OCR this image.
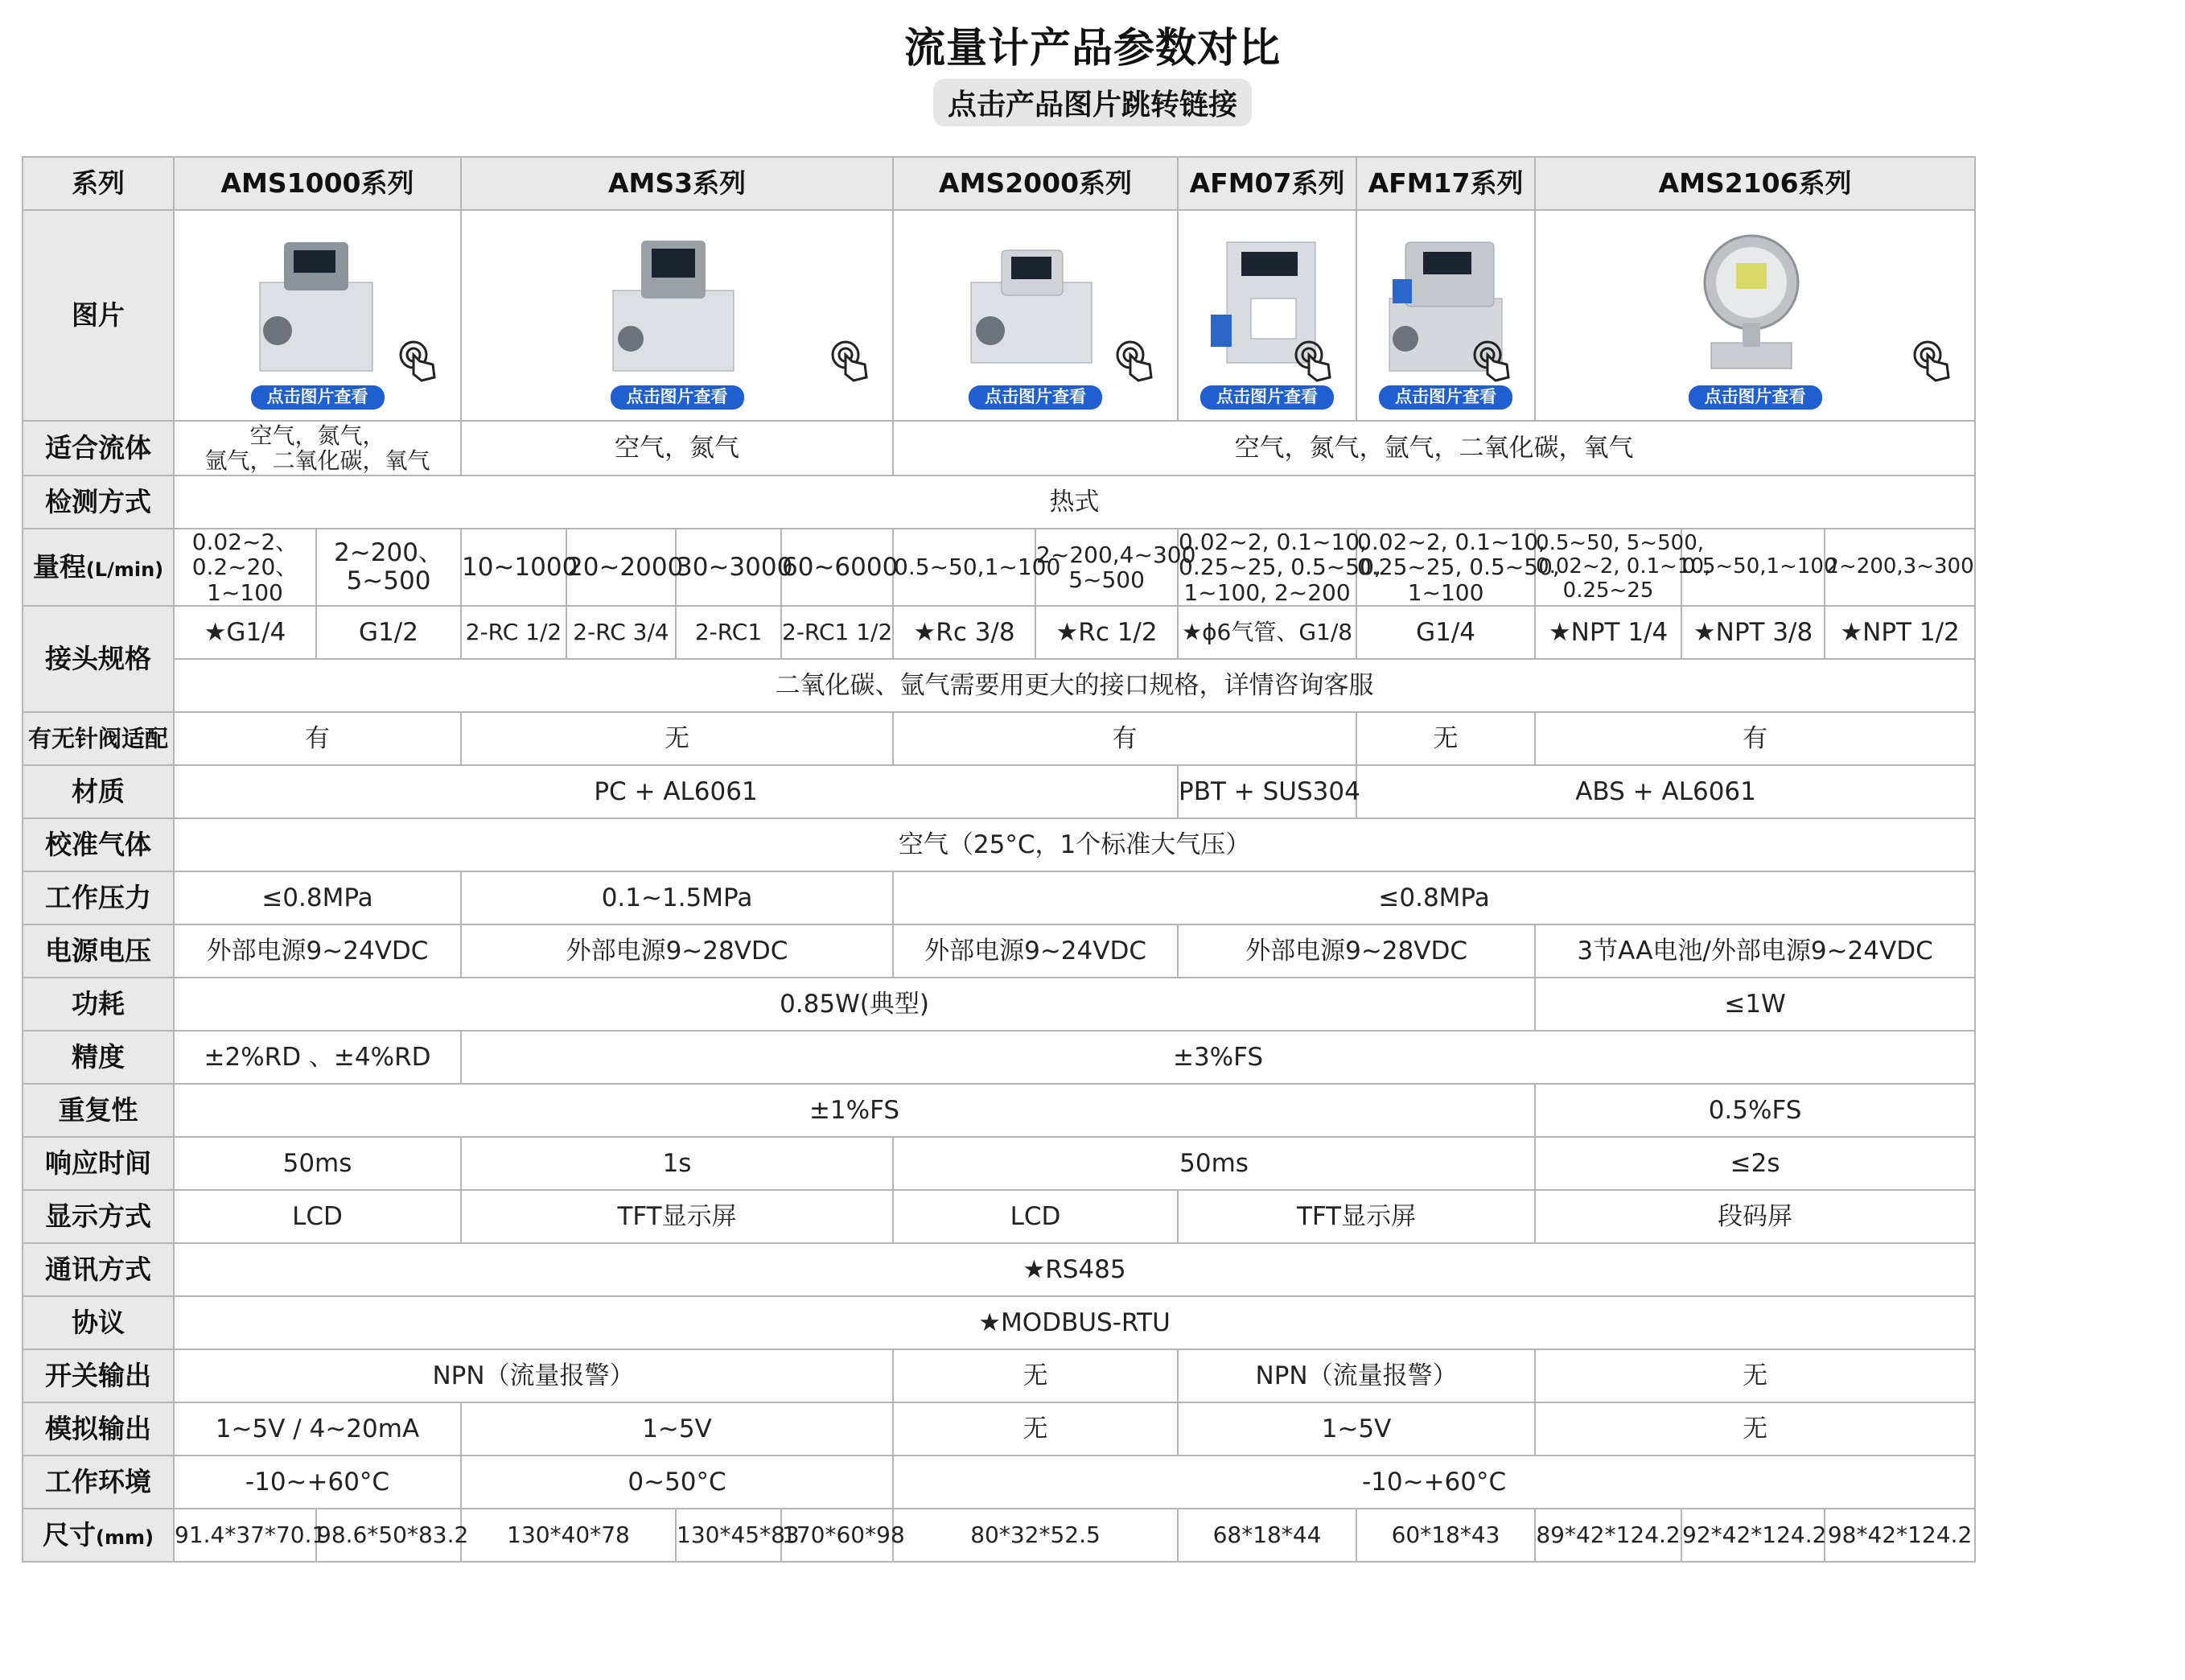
流量计产品参数对比
点击产品图片跳转链接
系列	AMS1000系列		AMS3系列				AMS2000系列		AFM07系列	AFM17系列	AMS2106系列		
图片	点击图片查看		点击图片查看				点击图片查看		点击图片查看	点击图片查看	点击图片查看		

适合流体	空气，氮气，
氩气，二氧化碳，氧气		空气，氮气				空气，氮气，氩气，二氧化碳，氧气						
检测方式	热式												
量程(L/min)	0.02~2、
0.2~20、
1~100	2~200、
5~500	10~1000	20~2000	30~3000	60~6000	0.5~50,1~100	2~200,4~300
5~500	0.02~2, 0.1~10,
0.25~25, 0.5~50,
1~100, 2~200	0.02~2, 0.1~10,
0.25~25, 0.5~50,
1~100	0.5~50, 5~500,
0.02~2, 0.1~10,
0.25~25	0.5~50,1~100	2~200,3~300
接头规格	★G1/4	G1/2	2-RC 1/2	2-RC 3/4	2-RC1	2-RC1 1/2	★Rc 3/8	★Rc 1/2	★ɸ6气管、G1/8	G1/4	★NPT 1/4	★NPT 3/8	★NPT 1/2
	二氧化碳、氩气需要用更大的接口规格，详情咨询客服												
有无针阀适配	有		无				有			无	有		
材质	PC + AL6061								PBT + SUS304	ABS + AL6061			
校准气体	空气（25°C，1个标准大气压）												
工作压力	≤0.8MPa		0.1~1.5MPa				≤0.8MPa						
电源电压	外部电源9~24VDC		外部电源9~28VDC				外部电源9~24VDC		外部电源9~28VDC		3节AA电池/外部电源9~24VDC		
功耗	0.85W(典型)										≤1W		
精度	±2%RD 、±4%RD		±3%FS										
重复性	±1%FS										0.5%FS		
响应时间	50ms		1s				50ms				≤2s		
显示方式	LCD		TFT显示屏				LCD		TFT显示屏		段码屏		
通讯方式	★RS485												
协议	★MODBUS-RTU												
开关输出	NPN（流量报警）						无		NPN（流量报警）		无		
模拟输出	1~5V / 4~20mA		1~5V				无		1~5V		无		
工作环境	-10~+60°C		0~50°C				-10~+60°C						
尺寸(mm)	91.4*37*70.1	98.6*50*83.2	130*40*78		130*45*83	170*60*98	80*32*52.5		68*18*44	60*18*43	89*42*124.2	92*42*124.2	98*42*124.2
